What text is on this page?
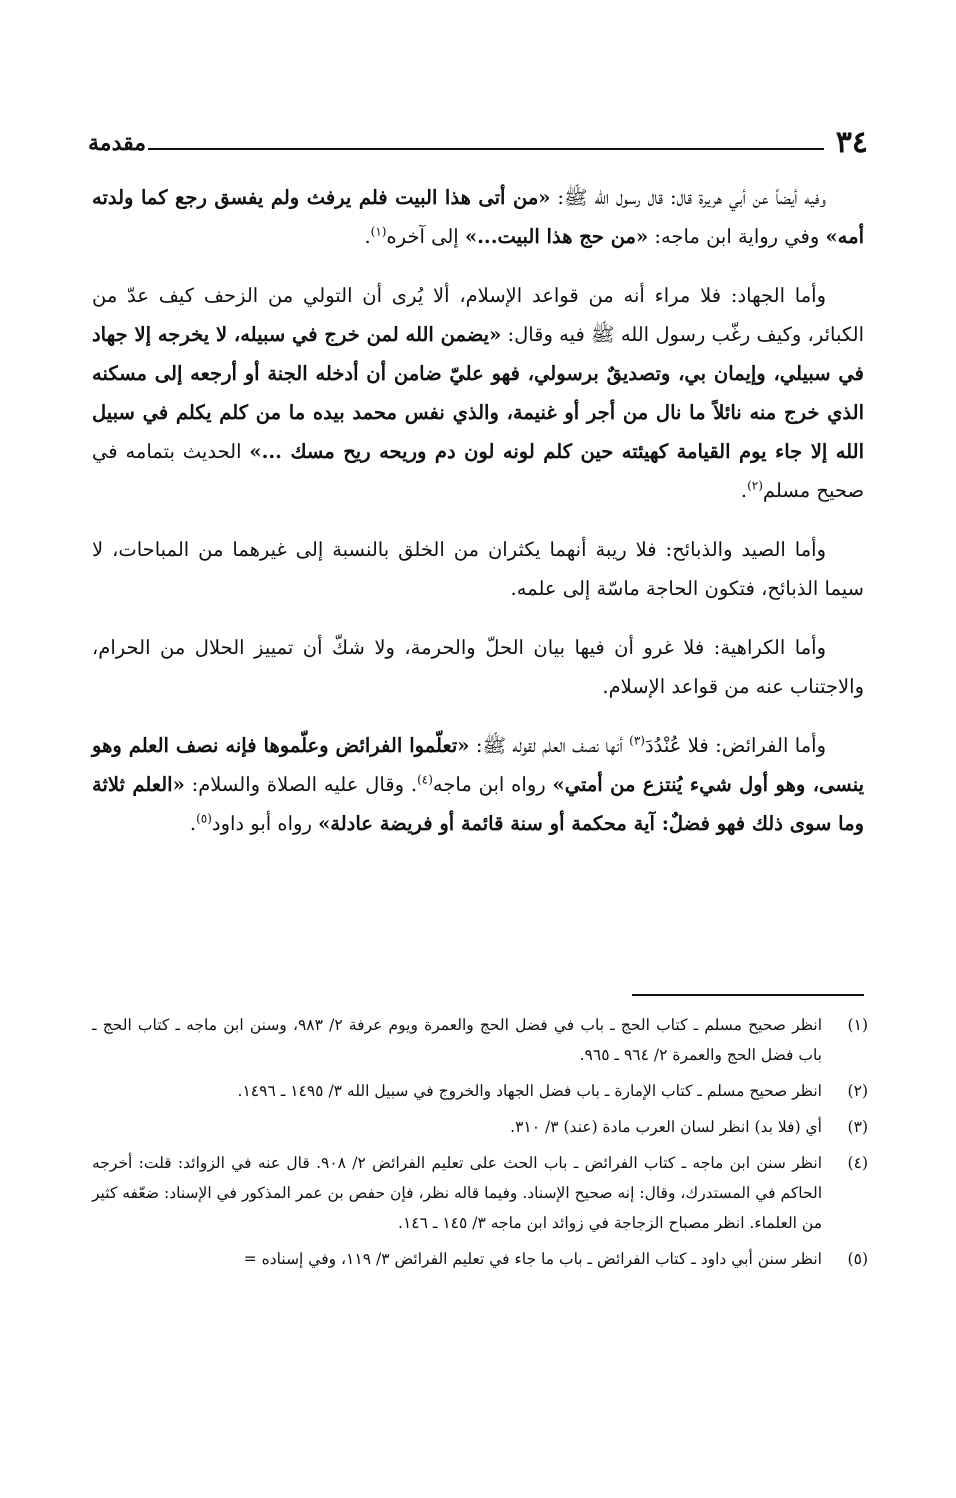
٣٤
مقدمة

وفيه أيضاً عن أبي هريرة قال: قال رسول الله ﷺ: «من أتى هذا البيت فلم يرفث ولم يفسق رجع كما ولدته أمه» وفي رواية ابن ماجه: «من حج هذا البيت...» إلى آخره$^{(١)}$.

وأما الجهاد: فلا مراء أنه من قواعد الإسلام، ألا يُرى أن التولي من الزحف كيف عدّ من الكبائر، وكيف رغّب رسول الله ﷺ فيه وقال: «يضمن الله لمن خرج في سبيله، لا يخرجه إلا جهاد في سبيلي، وإيمان بي، وتصديقٌ برسولي، فهو عليّ ضامن أن أدخله الجنة أو أرجعه إلى مسكنه الذي خرج منه نائلاً ما نال من أجر أو غنيمة، والذي نفس محمد بيده ما من كلم يكلم في سبيل الله إلا جاء يوم القيامة كهيئته حين كلم لونه لون دم وريحه ريح مسك ...» الحديث بتمامه في صحيح مسلم$^{(٢)}$.

وأما الصيد والذبائح: فلا ريبة أنهما يكثران من الخلق بالنسبة إلى غيرهما من المباحات، لا سيما الذبائح، فتكون الحاجة ماسّة إلى علمه.

وأما الكراهية: فلا غرو أن فيها بيان الحلّ والحرمة، ولا شكّ أن تمييز الحلال من الحرام، والاجتناب عنه من قواعد الإسلام.

وأما الفرائض: فلا عُنْدُدَ$^{(٣)}$ أنها نصف العلم لقوله ﷺ: «تعلّموا الفرائض وعلّموها فإنه نصف العلم وهو ينسى، وهو أول شيء يُنتزع من أمتي» رواه ابن ماجه$^{(٤)}$. وقال عليه الصلاة والسلام: «العلم ثلاثة وما سوى ذلك فهو فضلٌ: آية محكمة أو سنة قائمة أو فريضة عادلة» رواه أبو داود$^{(٥)}$.

(١)
انظر صحيح مسلم ـ كتاب الحج ـ باب في فضل الحج والعمرة ويوم عرفة ٢/ ٩٨٣، وسنن ابن ماجه ـ كتاب الحج ـ باب فضل الحج والعمرة ٢/ ٩٦٤ ـ ٩٦٥.
(٢)
انظر صحيح مسلم ـ كتاب الإمارة ـ باب فضل الجهاد والخروج في سبيل الله ٣/ ١٤٩٥ ـ ١٤٩٦.
(٣)
أي (فلا بد) انظر لسان العرب مادة (عند) ٣/ ٣١٠.
(٤)
انظر سنن ابن ماجه ـ كتاب الفرائض ـ باب الحث على تعليم الفرائض ٢/ ٩٠٨. قال عنه في الزوائد: قلت: أخرجه الحاكم في المستدرك، وقال: إنه صحيح الإسناد. وفيما قاله نظر، فإن حفص بن عمر المذكور في الإسناد: ضعّفه كثير من العلماء. انظر مصباح الزجاجة في زوائد ابن ماجه ٣/ ١٤٥ ـ ١٤٦.
(٥)
انظر سنن أبي داود ـ كتاب الفرائض ـ باب ما جاء في تعليم الفرائض ٣/ ١١٩، وفي إسناده =
